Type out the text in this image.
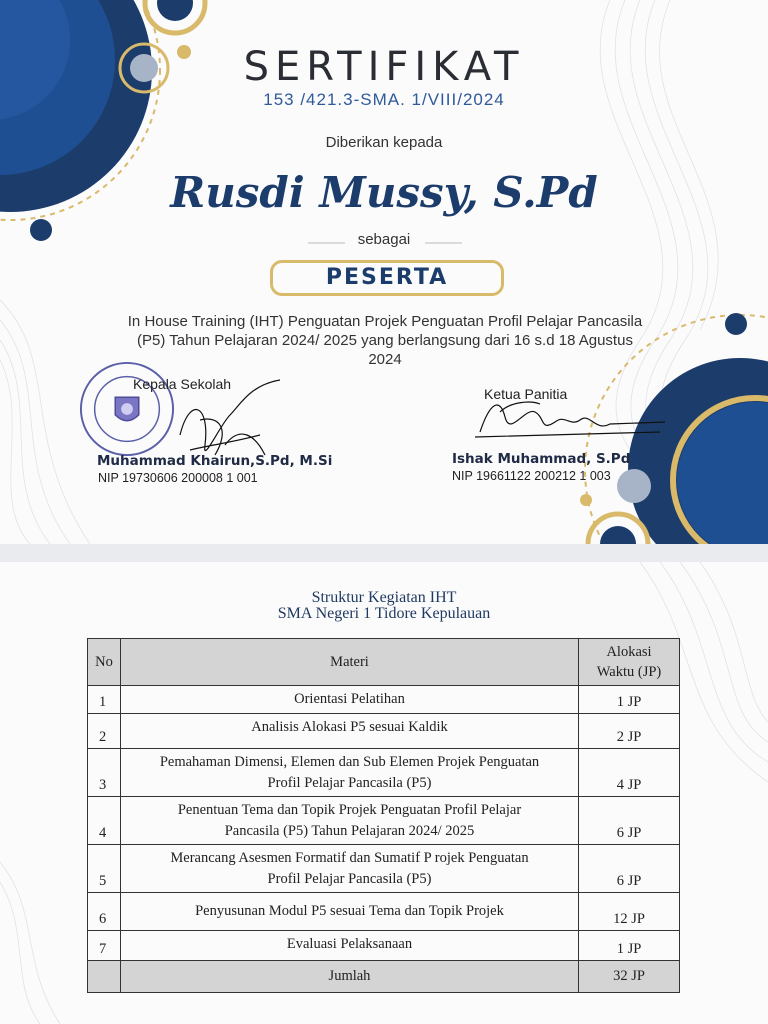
SERTIFIKAT
153 /421.3-SMA. 1/VIII/2024
Diberikan kepada
Rusdi Mussy, S.Pd
sebagai
PESERTA
In House Training (IHT) Penguatan Projek Penguatan Profil Pelajar Pancasila (P5) Tahun Pelajaran 2024/ 2025 yang berlangsung dari 16 s.d 18 Agustus 2024
Kepala Sekolah
Muhammad Khairun,S.Pd, M.Si
NIP 19730606 200008 1 001
Ketua Panitia
Ishak Muhammad, S.Pd
NIP 19661122 200212 1 003
Struktur Kegiatan IHT
SMA Negeri 1 Tidore Kepulauan
No	Materi	Alokasi
Waktu (JP)

1	Orientasi Pelatihan	1 JP
2	Analisis Alokasi P5 sesuai Kaldik	2 JP
3	Pemahaman Dimensi, Elemen dan Sub Elemen Projek Penguatan
Profil Pelajar Pancasila (P5)	4 JP
4	Penentuan Tema dan Topik Projek Penguatan Profil Pelajar
Pancasila (P5) Tahun Pelajaran 2024/ 2025	6 JP
5	Merancang Asesmen Formatif dan Sumatif P rojek Penguatan
Profil Pelajar Pancasila (P5)	6 JP
6	Penyusunan Modul P5 sesuai Tema dan Topik Projek	12 JP
7	Evaluasi Pelaksanaan	1 JP
	Jumlah	32 JP
